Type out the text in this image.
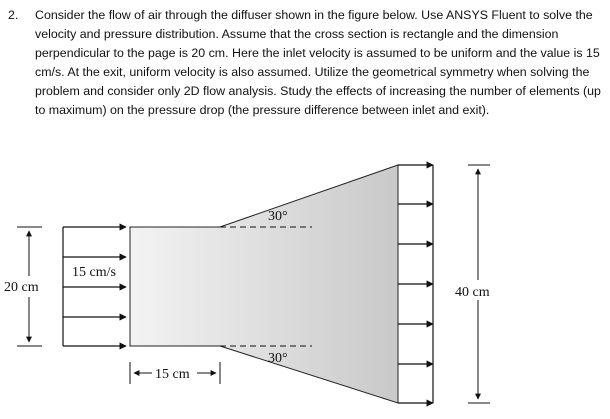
2. Consider the flow of air through the diffuser shown in the figure below. Use ANSYS Fluent to solve the velocity and pressure distribution. Assume that the cross section is rectangle and the dimension perpendicular to the page is 20 cm. Here the inlet velocity is assumed to be uniform and the value is 15 cm/s. At the exit, uniform velocity is also assumed. Utilize the geometrical symmetry when solving the problem and consider only 2D flow analysis. Study the effects of increasing the number of elements (up to maximum) on the pressure drop (the pressure difference between inlet and exit).
20 cm
15 cm
40 cm
15 cm/s
30°
30°
